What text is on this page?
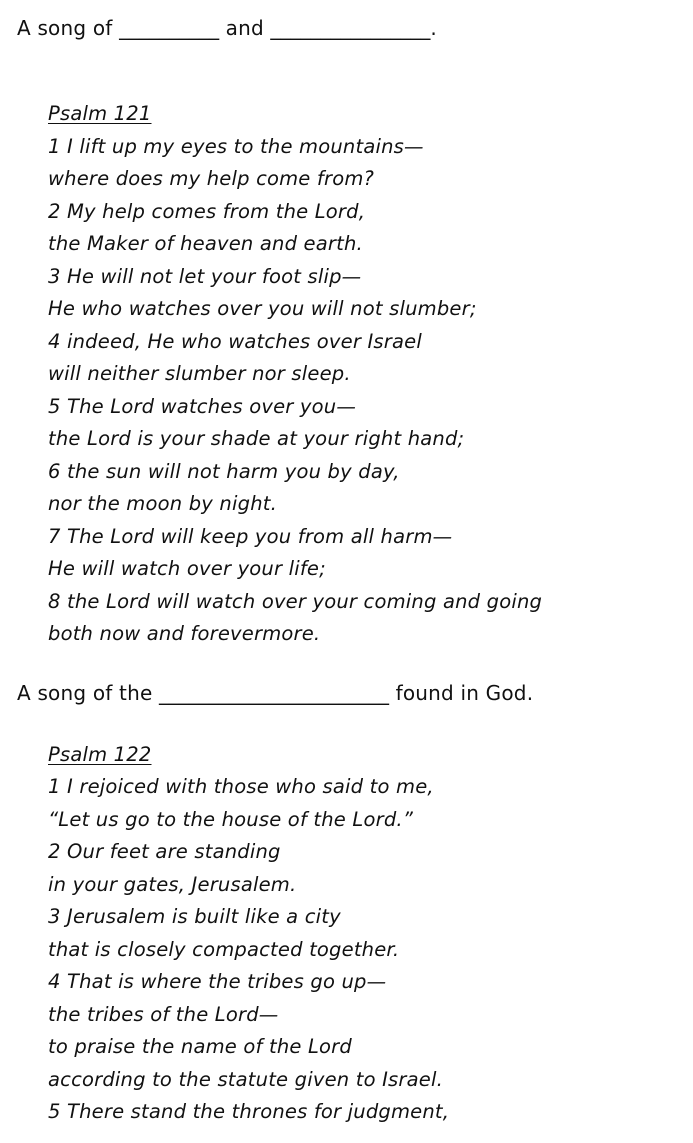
A song of __________ and ________________.
Psalm 121
1 I lift up my eyes to the mountains—
where does my help come from?
2 My help comes from the Lord,
the Maker of heaven and earth.
3 He will not let your foot slip—
He who watches over you will not slumber;
4 indeed, He who watches over Israel
will neither slumber nor sleep.
5 The Lord watches over you—
the Lord is your shade at your right hand;
6 the sun will not harm you by day,
nor the moon by night.
7 The Lord will keep you from all harm—
He will watch over your life;
8 the Lord will watch over your coming and going
both now and forevermore.
A song of the _______________________ found in God.
Psalm 122
1 I rejoiced with those who said to me,
“Let us go to the house of the Lord.”
2 Our feet are standing
in your gates, Jerusalem.
3 Jerusalem is built like a city
that is closely compacted together.
4 That is where the tribes go up—
the tribes of the Lord—
to praise the name of the Lord
according to the statute given to Israel.
5 There stand the thrones for judgment,
